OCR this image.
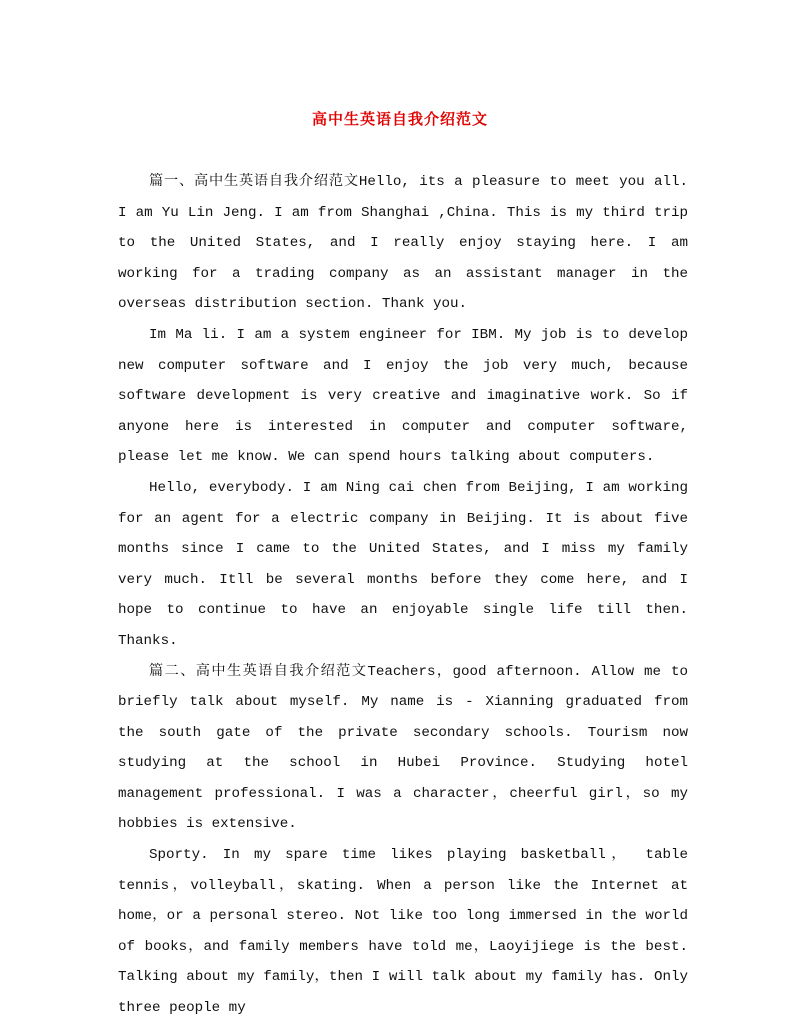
高中生英语自我介绍范文

篇一、高中生英语自我介绍范文Hello, its a pleasure to meet you all. I am Yu Lin Jeng. I am from Shanghai ,China. This is my third trip to the United States, and I really enjoy staying here. I am working for a trading company as an assistant manager in the overseas distribution section. Thank you.

Im Ma li. I am a system engineer for IBM. My job is to develop new computer software and I enjoy the job very much, because software development is very creative and imaginative work. So if anyone here is interested in computer and computer software, please let me know. We can spend hours talking about computers.

Hello, everybody. I am Ning cai chen from Beijing, I am working for an agent for a electric company in Beijing. It is about five months since I came to the United States, and I miss my family very much. Itll be several months before they come here, and I hope to continue to have an enjoyable single life till then. Thanks.

篇二、高中生英语自我介绍范文Teachers，good afternoon. Allow me to briefly talk about myself. My name is - Xianning graduated from the south gate of the private secondary schools. Tourism now studying at the school in Hubei Province. Studying hotel management professional. I was a character，cheerful girl，so my hobbies is extensive.

Sporty. In my spare time likes playing basketball， table tennis，volleyball，skating. When a person like the Internet at home，or a personal stereo. Not like too long immersed in the world of books，and family members have told me，Laoyijiege is the best. Talking about my family，then I will talk about my family has. Only three people my
